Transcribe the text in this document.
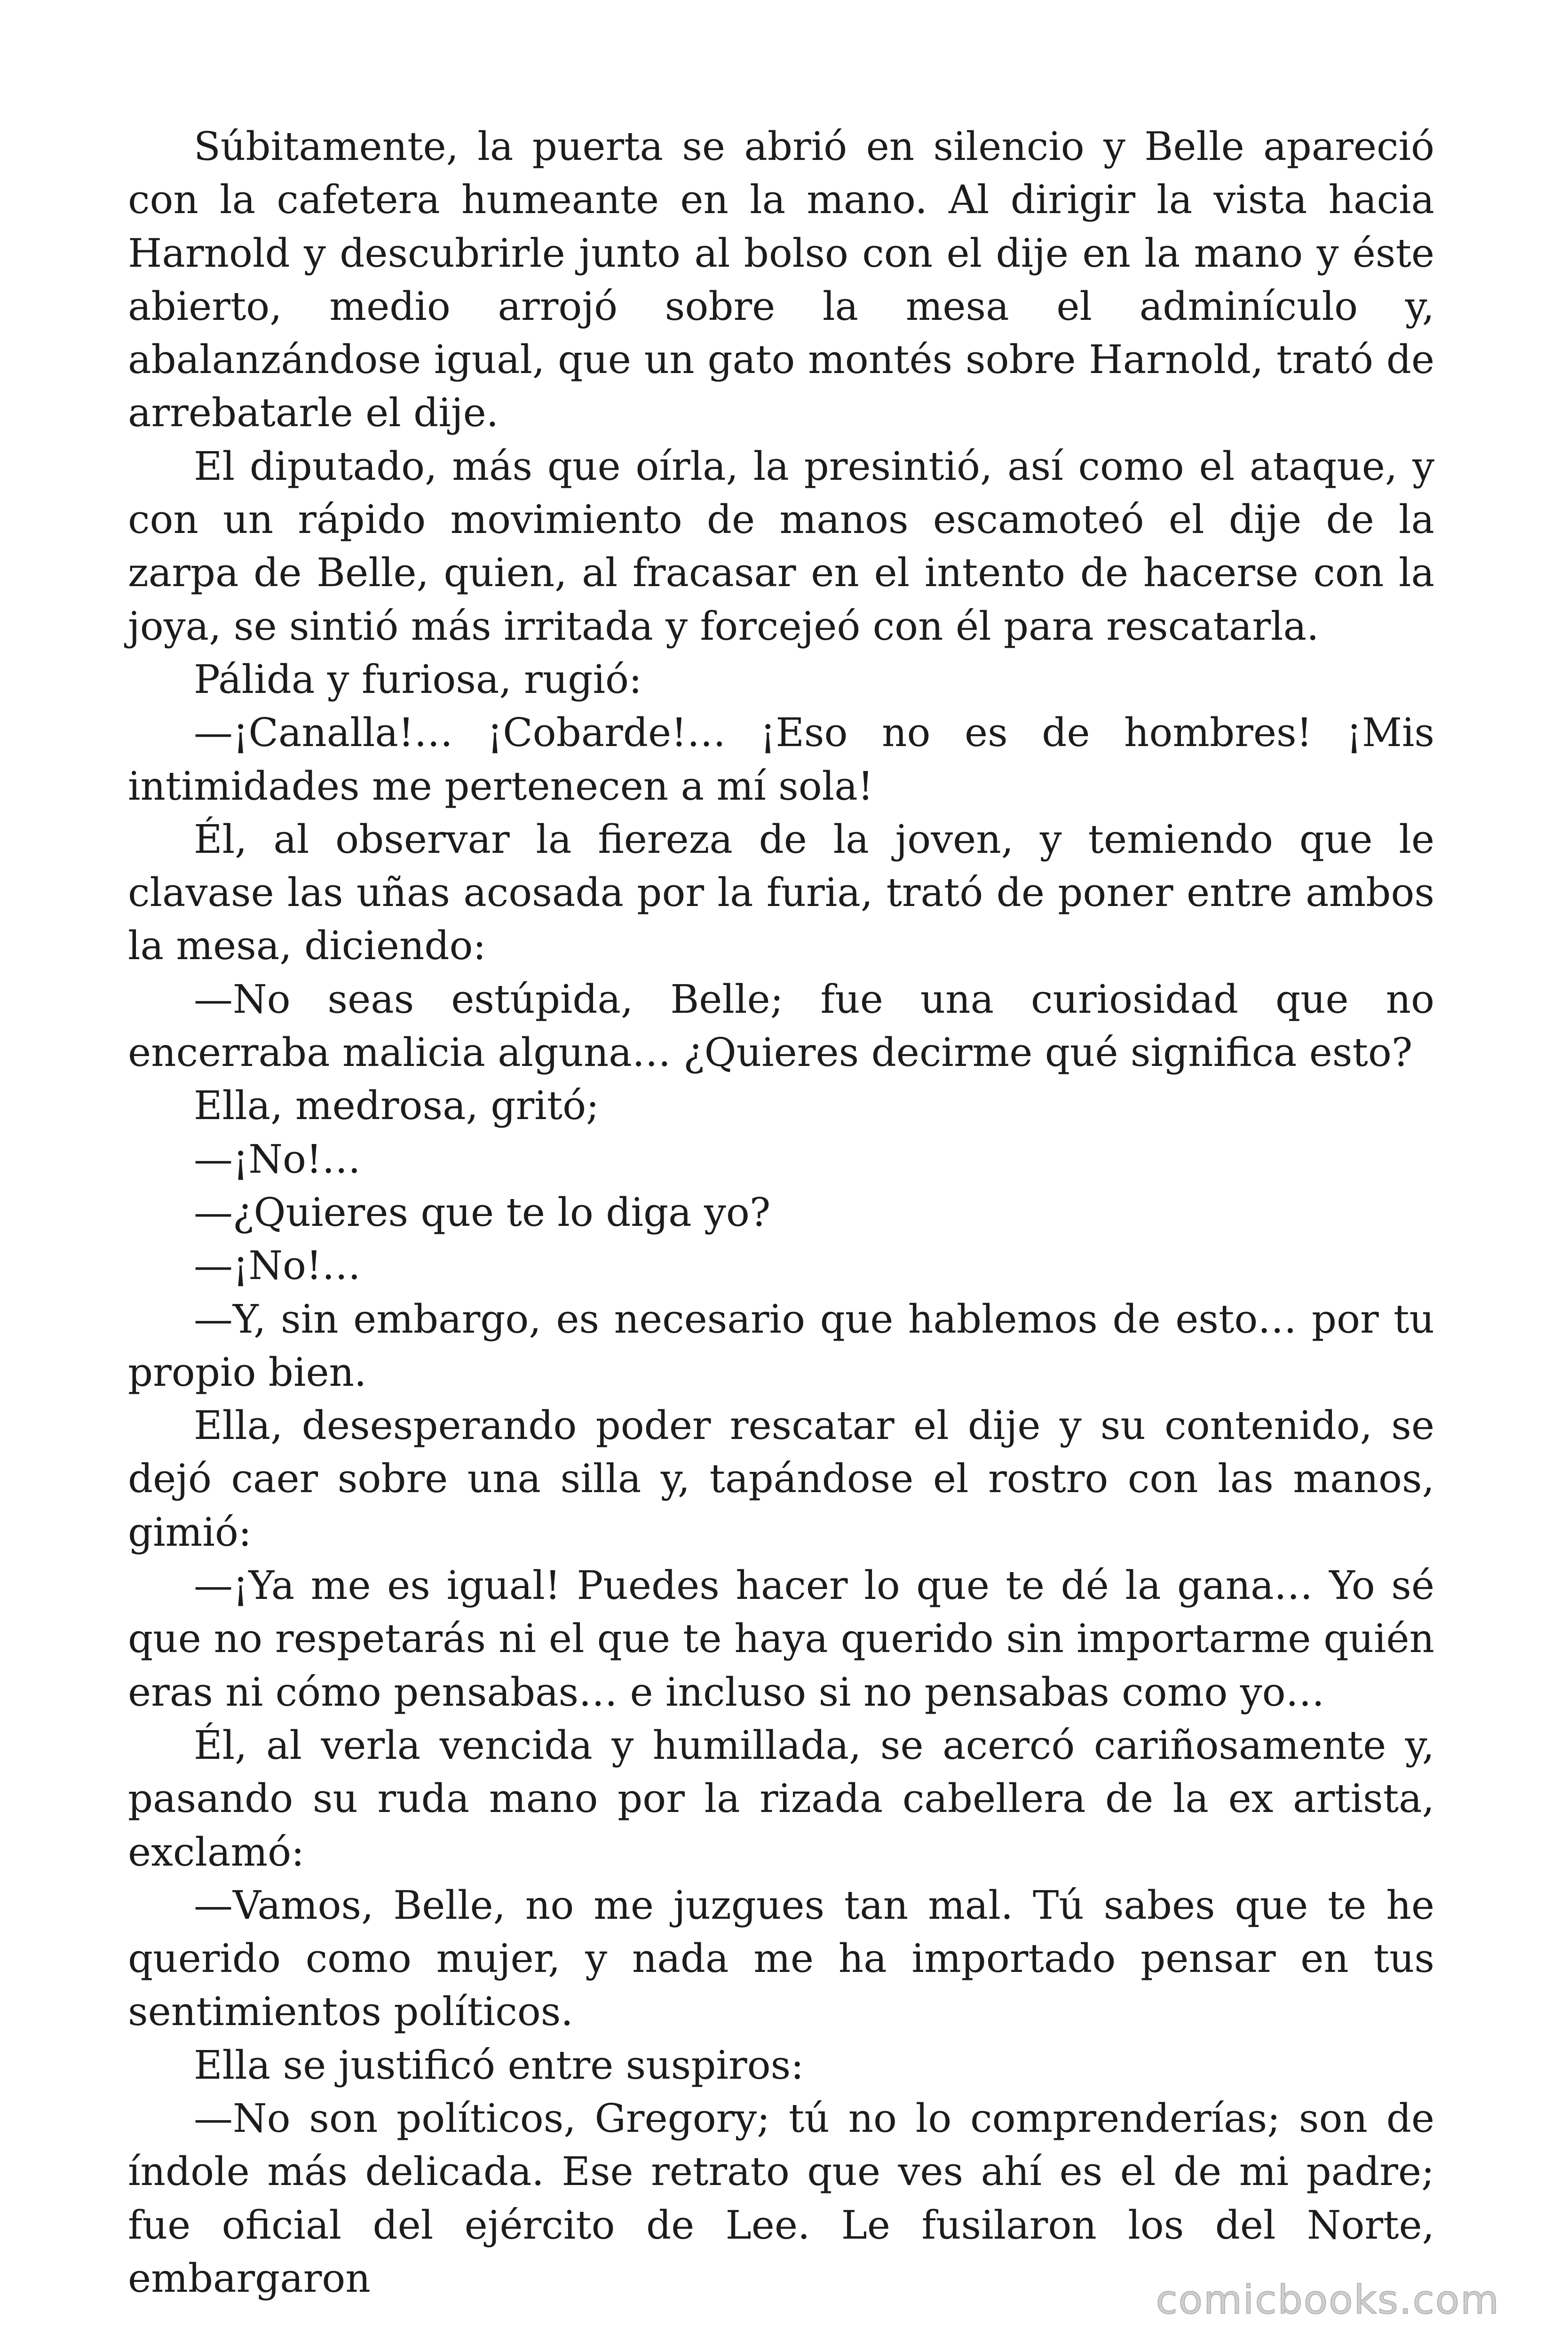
Súbitamente, la puerta se abrió en silencio y Belle apareció con la cafetera humeante en la mano. Al dirigir la vista hacia Harnold y descubrirle junto al bolso con el dije en la mano y éste abierto, medio arrojó sobre la mesa el adminículo y, abalanzándose igual, que un gato montés sobre Harnold, trató de arrebatarle el dije.

El diputado, más que oírla, la presintió, así como el ataque, y con un rápido movimiento de manos escamoteó el dije de la zarpa de Belle, quien, al fracasar en el intento de hacerse con la joya, se sintió más irritada y forcejeó con él para rescatarla.

Pálida y furiosa, rugió:

—¡Canalla!… ¡Cobarde!… ¡Eso no es de hombres! ¡Mis intimidades me pertenecen a mí sola!

Él, al observar la fiereza de la joven, y temiendo que le clavase las uñas acosada por la furia, trató de poner entre ambos la mesa, diciendo:

—No seas estúpida, Belle; fue una curiosidad que no encerraba malicia alguna… ¿Quieres decirme qué significa esto?

Ella, medrosa, gritó;

—¡No!…

—¿Quieres que te lo diga yo?

—¡No!…

—Y, sin embargo, es necesario que hablemos de esto… por tu propio bien.

Ella, desesperando poder rescatar el dije y su contenido, se dejó caer sobre una silla y, tapándose el rostro con las manos, gimió:

—¡Ya me es igual! Puedes hacer lo que te dé la gana… Yo sé que no respetarás ni el que te haya querido sin importarme quién eras ni cómo pensabas… e incluso si no pensabas como yo…

Él, al verla vencida y humillada, se acercó cariñosamente y, pasando su ruda mano por la rizada cabellera de la ex artista, exclamó:

—Vamos, Belle, no me juzgues tan mal. Tú sabes que te he querido como mujer, y nada me ha importado pensar en tus sentimientos políticos.

Ella se justificó entre suspiros:

—No son políticos, Gregory; tú no lo comprenderías; son de índole más delicada. Ese retrato que ves ahí es el de mi padre; fue oficial del ejército de Lee. Le fusilaron los del Norte, embargaron	comicbooks.com
